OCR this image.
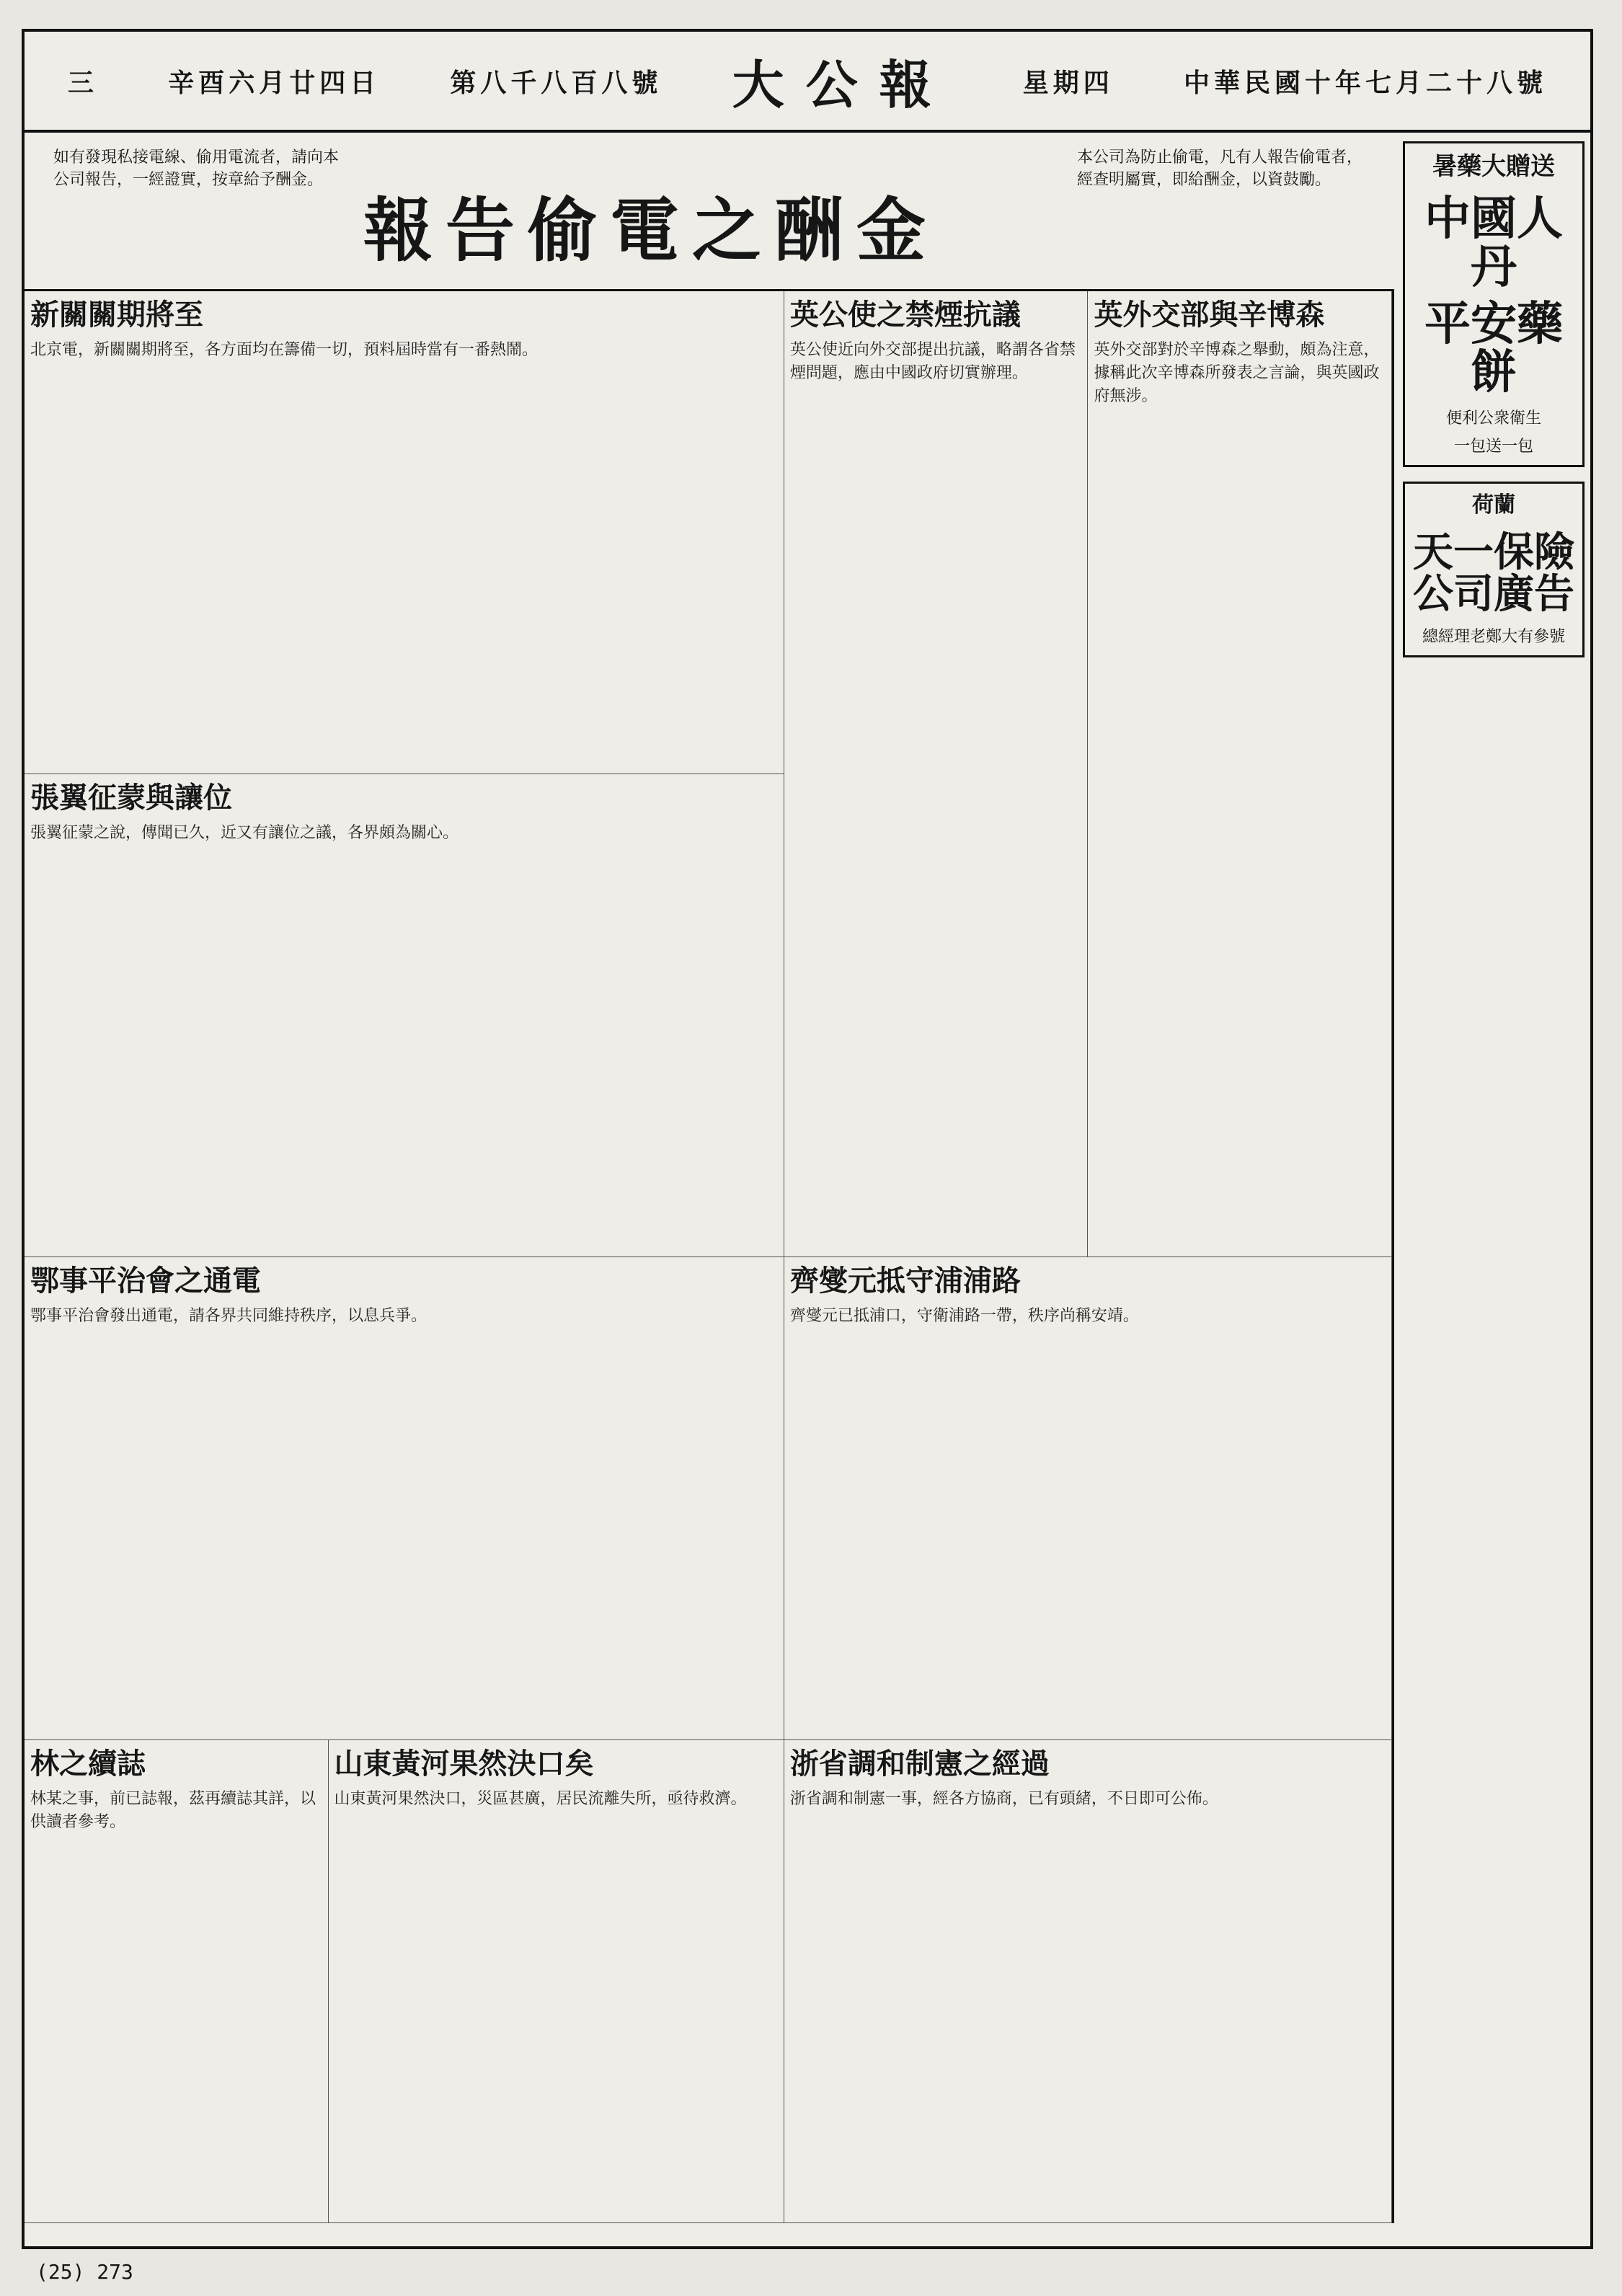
三	辛酉六月廿四日	第八千八百八號 大公報	星期四	中華民國十年七月二十八號
如有發現私接電線、偷用電流者，請向本公司報告，一經證實，按章給予酬金。
報告偷電之酬金
本公司為防止偷電，凡有人報告偷電者，經查明屬實，即給酬金，以資鼓勵。
英外交部與辛博森

英外交部對於辛博森之舉動，頗為注意，據稱此次辛博森所發表之言論，與英國政府無涉。

英公使之禁煙抗議

英公使近向外交部提出抗議，略謂各省禁煙問題，應由中國政府切實辦理。

新關關期將至

北京電，新關關期將至，各方面均在籌備一切，預料屆時當有一番熱鬧。

張翼征蒙與讓位

張翼征蒙之說，傳聞已久，近又有讓位之議，各界頗為關心。

齊燮元抵守浦浦路

齊燮元已抵浦口，守衛浦路一帶，秩序尚稱安靖。

鄂事平治會之通電

鄂事平治會發出通電，請各界共同維持秩序，以息兵爭。

浙省調和制憲之經過

浙省調和制憲一事，經各方協商，已有頭緒，不日即可公佈。

山東黃河果然決口矣

山東黃河果然決口，災區甚廣，居民流離失所，亟待救濟。

林之續誌

林某之事，前已誌報，茲再續誌其詳，以供讀者參考。

暑藥大贈送
中國人丹
平安藥餅
便利公衆衛生
一包送一包
荷蘭
天一保險公司廣告
總經理老鄭大有參號
(25) 273
